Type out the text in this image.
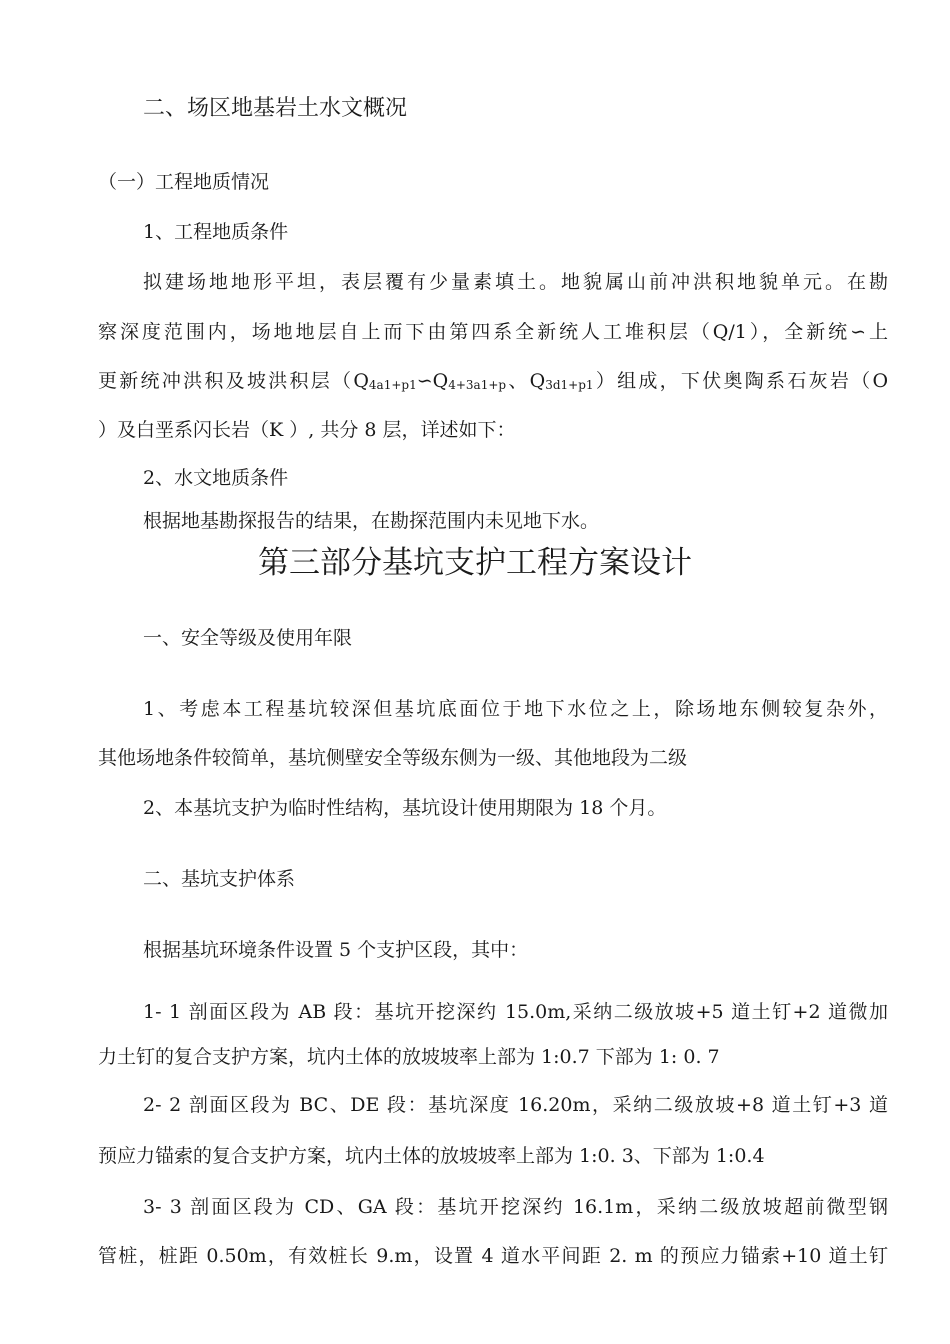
二、场区地基岩土水文概况
（一）工程地质情况
1、工程地质条件
拟建场地地形平坦，表层覆有少量素填土。地貌属山前冲洪积地貌单元。在勘
察深度范围内，场地地层自上而下由第四系全新统人工堆积层（Q/1），全新统∽上
更新统冲洪积及坡洪积层（$Q_{4a1+p1}∽Q_{4+3a1+p}$、$Q_{3d1+p1}$）组成，下伏奥陶系石灰岩（O
）及白垩系闪长岩（K ）, 共分 8 层，详述如下：
2、水文地质条件
根据地基勘探报告的结果，在勘探范围内未见地下水。
第三部分基坑支护工程方案设计
一、安全等级及使用年限
1、考虑本工程基坑较深但基坑底面位于地下水位之上，除场地东侧较复杂外，
其他场地条件较简单，基坑侧壁安全等级东侧为一级、其他地段为二级
2、本基坑支护为临时性结构，基坑设计使用期限为 18 个月。
二、基坑支护体系
根据基坑环境条件设置 5 个支护区段，其中：
1- 1 剖面区段为 AB 段：基坑开挖深约 15.0m,采纳二级放坡+5 道土钉+2 道微加
力土钉的复合支护方案，坑内土体的放坡坡率上部为 1:0.7 下部为 1: 0. 7
2- 2 剖面区段为 BC、DE 段：基坑深度 16.20m，采纳二级放坡+8 道土钉+3 道
预应力锚索的复合支护方案，坑内土体的放坡坡率上部为 1:0. 3、下部为 1:0.4
3- 3 剖面区段为 CD、GA 段：基坑开挖深约 16.1m，采纳二级放坡超前微型钢
管桩，桩距 0.50m，有效桩长 9.m，设置 4 道水平间距 2. m 的预应力锚索+10 道土钉
